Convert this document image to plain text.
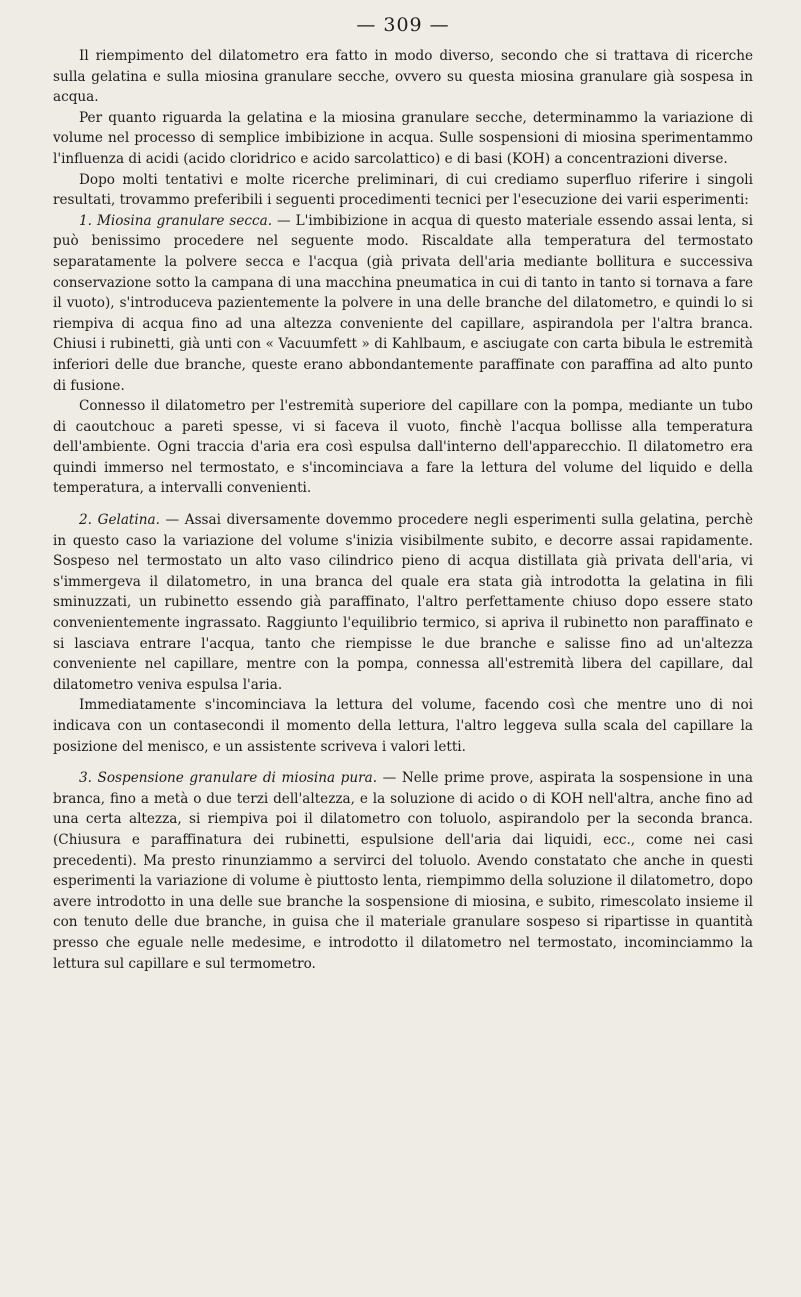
— 309 —

Il riempimento del dilatometro era fatto in modo diverso, secondo che si trattava di ricerche sulla gelatina e sulla miosina granulare secche, ovvero su questa miosina granulare già sospesa in acqua.

Per quanto riguarda la gelatina e la miosina granulare secche, determinammo la variazione di volume nel processo di semplice imbibizione in acqua. Sulle sospensioni di miosina sperimentammo l'influenza di acidi (acido cloridrico e acido sarcolattico) e di basi (KOH) a concentrazioni diverse.

Dopo molti tentativi e molte ricerche preliminari, di cui crediamo superfluo riferire i singoli resultati, trovammo preferibili i seguenti procedimenti tecnici per l'esecuzione dei varii esperimenti:

1. Miosina granulare secca. — L'imbibizione in acqua di questo materiale essendo assai lenta, si può benissimo procedere nel seguente modo. Riscaldate alla temperatura del termostato separatamente la polvere secca e l'acqua (già privata dell'aria mediante bollitura e successiva conservazione sotto la campana di una macchina pneumatica in cui di tanto in tanto si tornava a fare il vuoto), s'introduceva pazientemente la polvere in una delle branche del dilatometro, e quindi lo si riempiva di acqua fino ad una altezza conveniente del capillare, aspirandola per l'altra branca. Chiusi i rubinetti, già unti con « Vacuumfett » di Kahlbaum, e asciugate con carta bibula le estremità inferiori delle due branche, queste erano abbondantemente paraffinate con paraffina ad alto punto di fusione.

Connesso il dilatometro per l'estremità superiore del capillare con la pompa, mediante un tubo di caoutchouc a pareti spesse, vi si faceva il vuoto, finchè l'acqua bollisse alla temperatura dell'ambiente. Ogni traccia d'aria era così espulsa dall'interno dell'apparecchio. Il dilatometro era quindi immerso nel termostato, e s'incominciava a fare la lettura del volume del liquido e della temperatura, a intervalli convenienti.

2. Gelatina. — Assai diversamente dovemmo procedere negli esperimenti sulla gelatina, perchè in questo caso la variazione del volume s'inizia visibilmente subito, e decorre assai rapidamente. Sospeso nel termostato un alto vaso cilindrico pieno di acqua distillata già privata dell'aria, vi s'immergeva il dilatometro, in una branca del quale era stata già introdotta la gelatina in fili sminuzzati, un rubinetto essendo già paraffinato, l'altro perfettamente chiuso dopo essere stato convenientemente ingrassato. Raggiunto l'equilibrio termico, si apriva il rubinetto non paraffinato e si lasciava entrare l'acqua, tanto che riempisse le due branche e salisse fino ad un'altezza conveniente nel capillare, mentre con la pompa, connessa all'estremità libera del capillare, dal dilatometro veniva espulsa l'aria.

Immediatamente s'incominciava la lettura del volume, facendo così che mentre uno di noi indicava con un contasecondi il momento della lettura, l'altro leggeva sulla scala del capillare la posizione del menisco, e un assistente scriveva i valori letti.

3. Sospensione granulare di miosina pura. — Nelle prime prove, aspirata la sospensione in una branca, fino a metà o due terzi dell'altezza, e la soluzione di acido o di KOH nell'altra, anche fino ad una certa altezza, si riempiva poi il dilatometro con toluolo, aspirandolo per la seconda branca. (Chiusura e paraffinatura dei rubinetti, espulsione dell'aria dai liquidi, ecc., come nei casi precedenti). Ma presto rinunziammo a servirci del toluolo. Avendo constatato che anche in questi esperimenti la variazione di volume è piuttosto lenta, riempimmo della soluzione il dilatometro, dopo avere introdotto in una delle sue branche la sospensione di miosina, e subito, rimescolato insieme il con tenuto delle due branche, in guisa che il materiale granulare sospeso si ripartisse in quantità presso che eguale nelle medesime, e introdotto il dilatometro nel termostato, incominciammo la lettura sul capillare e sul termometro.
